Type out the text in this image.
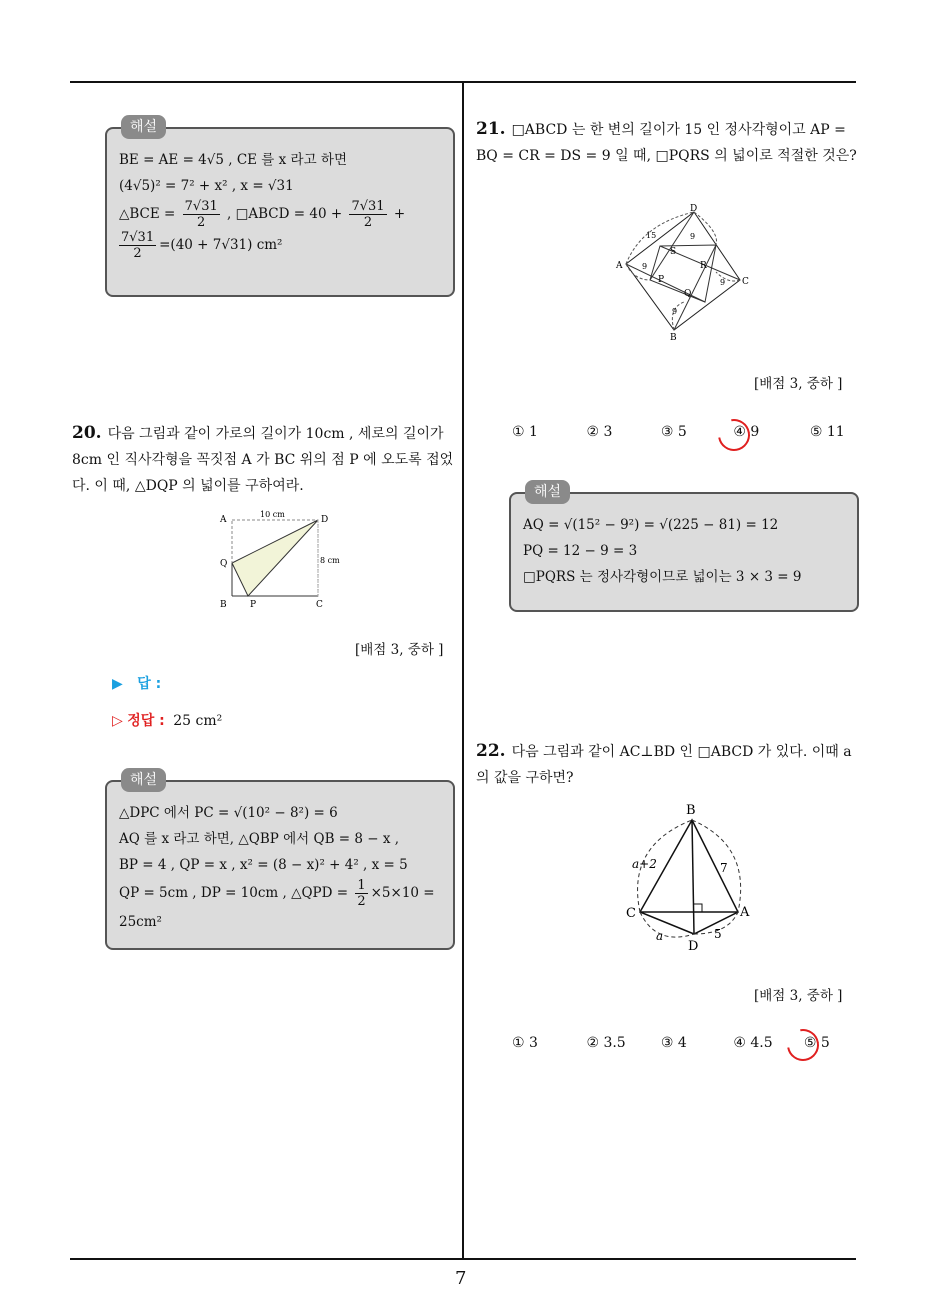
7
해설
BE = AE = 4√5 , CE 를 x 라고 하면
(4√5)² = 7² + x² , x = √31
△BCE = $\frac{7√31}{2}$ , □ABCD = $40 + \frac{7√31}{2}$ +
$\frac{7√31}{2} =(40 + 7√31)$ cm²
20. 다음 그림과 같이 가로의 길이가 10cm , 세로의 길이가 8cm 인 직사각형을 꼭짓점 A 가 BC 위의 점 P 에 오도록 접었다. 이 때, △DQP 의 넓이를 구하여라.
A	D
Q
B	P	C
10 cm
8 cm
[배점 3, 중하 ]
▶ 답 :
▷ 정답 : 25 cm²
해설
△DPC 에서 PC = √(10² − 8²) = 6
AQ 를 x 라고 하면, △QBP 에서 QB = 8 − x ,
BP = 4 , QP = x , x² = (8 − x)² + 4² , x = 5
QP = 5cm , DP = 10cm , △QPD = $\frac{1}{2} \times 5\times 10$ =
25cm²
21. □ABCD 는 한 변의 길이가 15 인 정사각형이고 AP = BQ = CR = DS = 9 일 때, □PQRS 의 넓이로 적절한 것은?
D
C
B
A
S
R
Q
P
15
9
9
9
9
[배점 3, 중하 ]
① 1	② 3	③ 5	④ 9	⑤ 11
해설
AQ = √(15² − 9²) = √(225 − 81) = 12
PQ = 12 − 9 = 3
□PQRS 는 정사각형이므로 넓이는 3 × 3 = 9
22. 다음 그림과 같이 AC⊥BD 인 □ABCD 가 있다. 이때 a 의 값을 구하면?
B
A
C
D
a+2	7
a	5
[배점 3, 중하 ]
① 3	② 3.5	③ 4	④ 4.5 ⑤ 5
